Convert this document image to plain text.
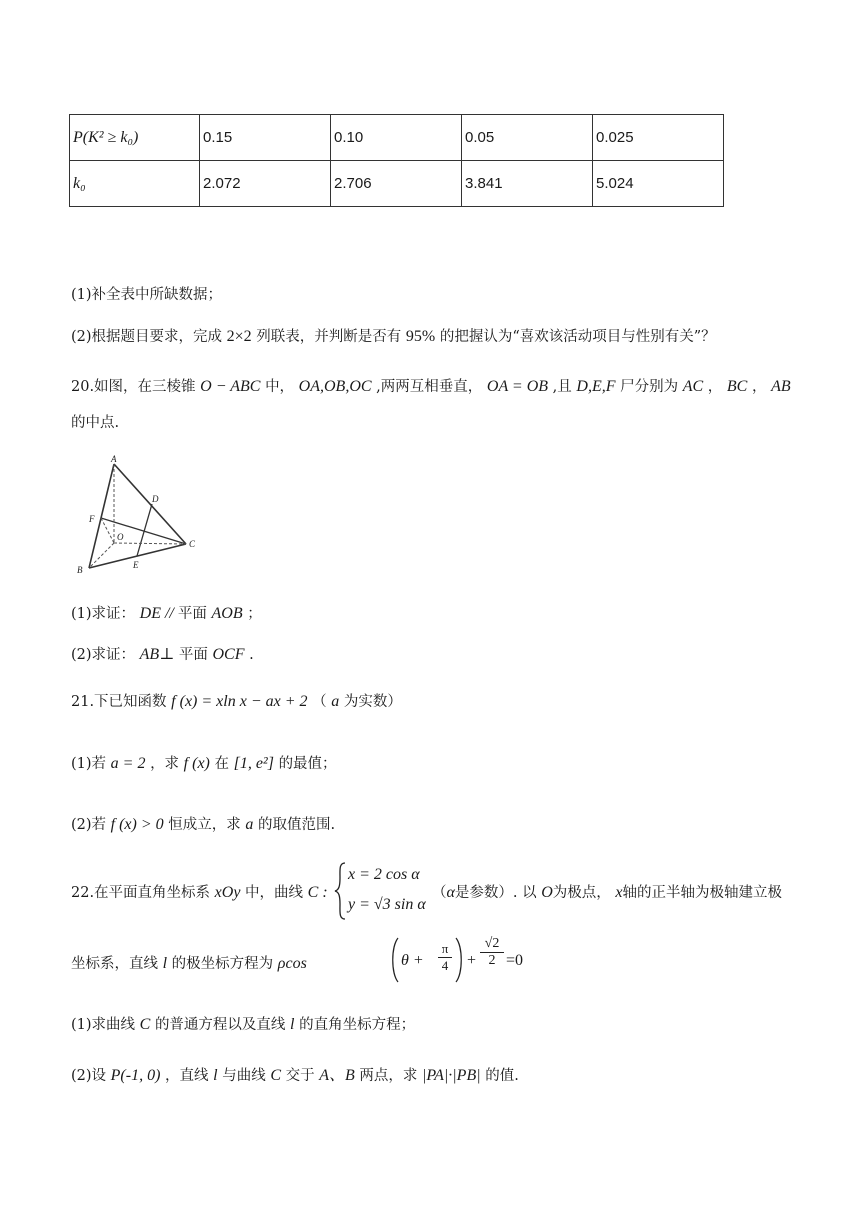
P(K² ≥ k₀)	0.15	0.10	0.05	0.025
k₀	2.072	2.706	3.841	5.024
(1)补全表中所缺数据；
(2)根据题目要求，完成 2×2 列联表，并判断是否有 95% 的把握认为“喜欢该活动项目与性别有关”？
20.如图，在三棱锥 O − ABC 中， OA,OB,OC ,两两互相垂直， OA = OB ,且 D,E,F 尸分别为 AC ， BC ， AB
的中点.
A
D
F
O
C
B	E
(1)求证： DE // 平面 AOB ；
(2)求证： AB⊥ 平面 OCF .
21.下已知函数 f (x) = xln x − ax + 2 （ a 为实数）
(1)若 a = 2 ，求 f (x) 在 [1, e²] 的最值；
(2)若 f (x) > 0 恒成立，求 a 的取值范围.
22.在平面直角坐标系 xOy 中，曲线 C :
x = 2 cos α
y = √3 sin α
（α是参数）. 以 O为极点， x轴的正半轴为极轴建立极
坐标系，直线 l 的极坐标方程为 ρcos	$\theta + \frac{\pi}{4} + \frac{√2}{2} =0$
(1)求曲线 C 的普通方程以及直线 l 的直角坐标方程；
(2)设 P(-1, 0) ，直线 l 与曲线 C 交于 A、B 两点，求 |PA|·|PB| 的值.
